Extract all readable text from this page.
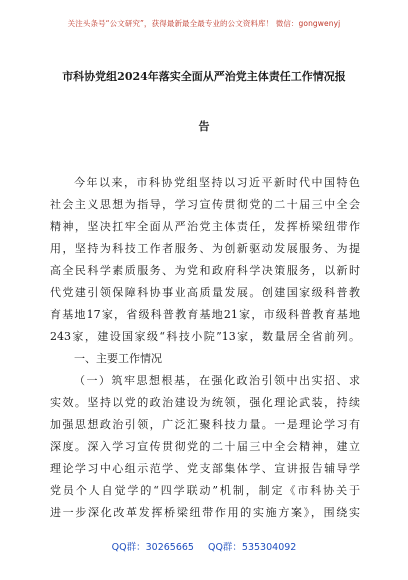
关注头条号“公文研究”，获得最新最全最专业的公文资料库！ 微信：gongwenyj
市科协党组2024年落实全面从严治党主体责任工作情况报
告
今年以来，市科协党组坚持以习近平新时代中国特色
社会主义思想为指导，学习宣传贯彻党的二十届三中全会
精神，坚决扛牢全面从严治党主体责任，发挥桥梁纽带作
用，坚持为科技工作者服务、为创新驱动发展服务、为提
高全民科学素质服务、为党和政府科学决策服务，以新时
代党建引领保障科协事业高质量发展。创建国家级科普教
育基地17家，省级科普教育基地21家，市级科普教育基地
243家，建设国家级“科技小院”13家，数量居全省前列。
一、主要工作情况
（一）筑牢思想根基，在强化政治引领中出实招、求
实效。坚持以党的政治建设为统领，强化理论武装，持续
加强思想政治引领，广泛汇聚科技力量。一是理论学习有
深度。深入学习宣传贯彻党的二十届三中全会精神，建立
理论学习中心组示范学、党支部集体学、宣讲报告辅导学
党员个人自觉学的“四学联动”机制，制定《市科协关于
进一步深化改革发挥桥梁纽带作用的实施方案》，围绕实
QQ群：30265665 QQ群：535304092
